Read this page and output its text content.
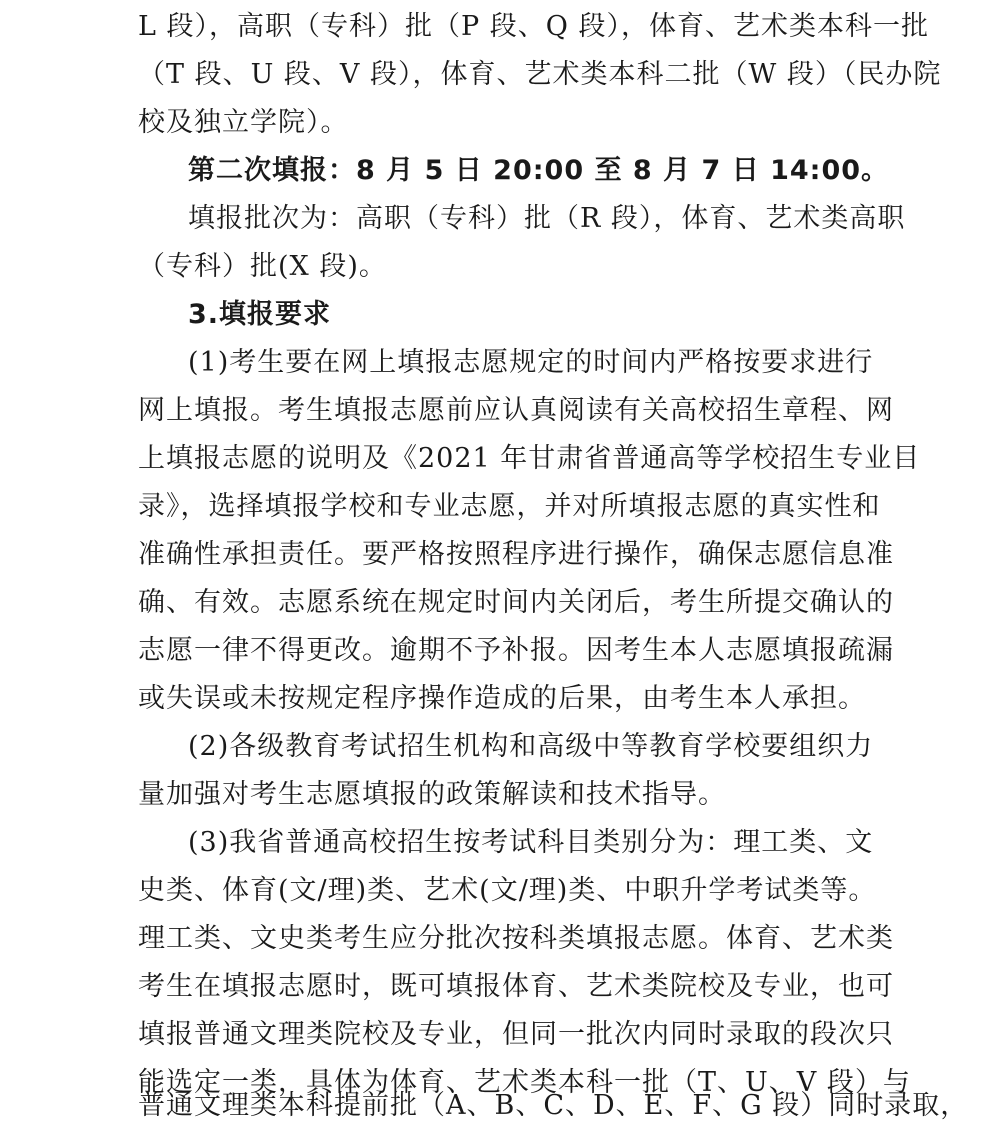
L 段），高职（专科）批（P 段、Q 段），体育、艺术类本科一批
（T 段、U 段、V 段），体育、艺术类本科二批（W 段）（民办院
校及独立学院）。
第二次填报：8 月 5 日 20:00 至 8 月 7 日 14:00。
填报批次为：高职（专科）批（R 段），体育、艺术类高职
（专科）批(X 段)。
3.填报要求
(1)考生要在网上填报志愿规定的时间内严格按要求进行
网上填报。考生填报志愿前应认真阅读有关高校招生章程、网
上填报志愿的说明及《2021 年甘肃省普通高等学校招生专业目
录》，选择填报学校和专业志愿，并对所填报志愿的真实性和
准确性承担责任。要严格按照程序进行操作，确保志愿信息准
确、有效。志愿系统在规定时间内关闭后，考生所提交确认的
志愿一律不得更改。逾期不予补报。因考生本人志愿填报疏漏
或失误或未按规定程序操作造成的后果，由考生本人承担。
(2)各级教育考试招生机构和高级中等教育学校要组织力
量加强对考生志愿填报的政策解读和技术指导。
(3)我省普通高校招生按考试科目类别分为：理工类、文
史类、体育(文/理)类、艺术(文/理)类、中职升学考试类等。
理工类、文史类考生应分批次按科类填报志愿。体育、艺术类
考生在填报志愿时，既可填报体育、艺术类院校及专业，也可
填报普通文理类院校及专业，但同一批次内同时录取的段次只
能选定一类，具体为体育、艺术类本科一批（T、U、V 段）与
普通文理类本科提前批（A、B、C、D、E、F、G 段）同时录取，
